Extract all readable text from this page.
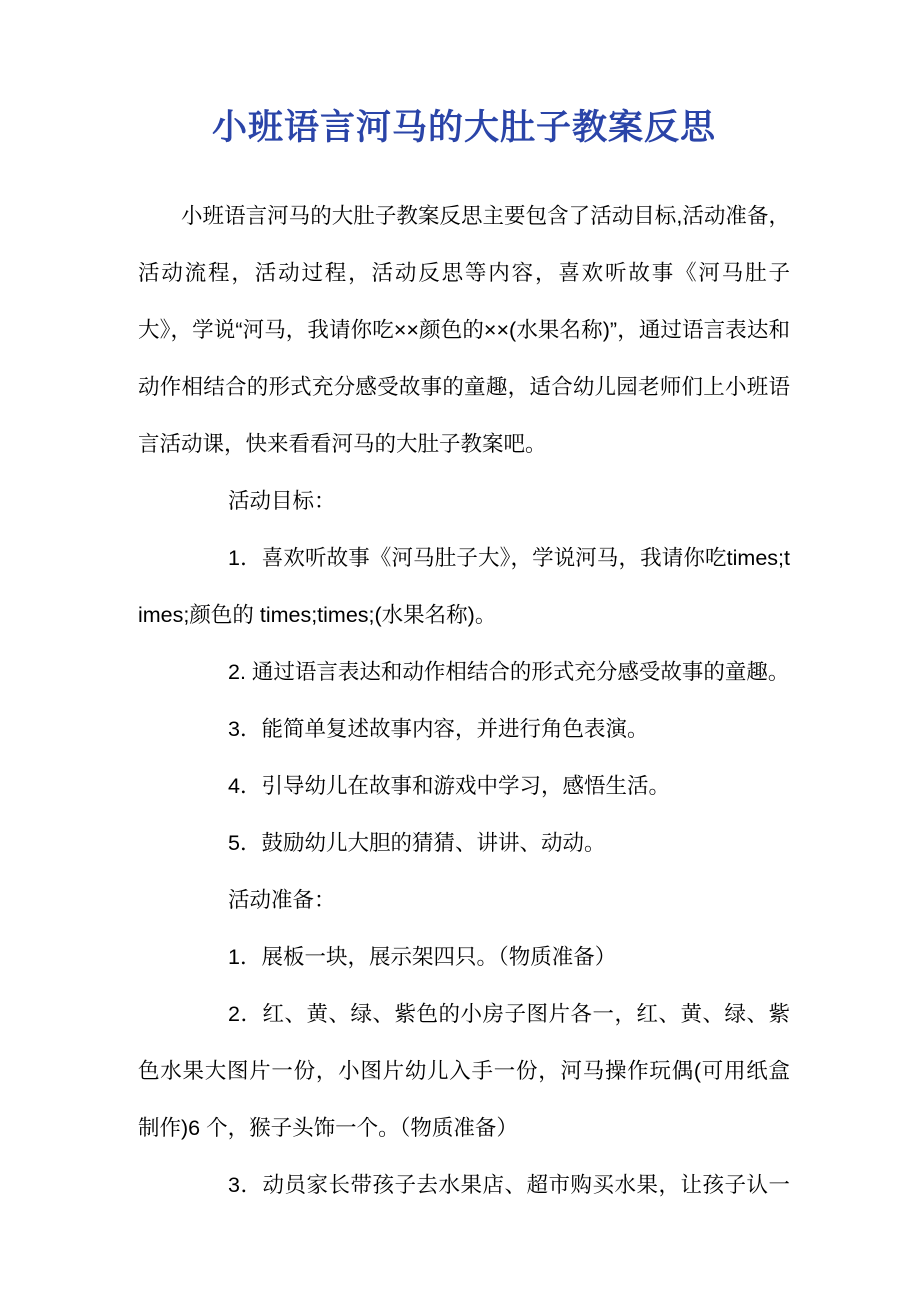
小班语言河马的大肚子教案反思

小班语言河马的大肚子教案反思主要包含了活动目标,活动准备，活动流程，活动过程，活动反思等内容，喜欢听故事《河马肚子大》，学说“河马，我请你吃××颜色的××(水果名称)”，通过语言表达和动作相结合的形式充分感受故事的童趣，适合幼儿园老师们上小班语言活动课，快来看看河马的大肚子教案吧。

活动目标：

1．喜欢听故事《河马肚子大》，学说河马，我请你吃times;times;颜色的 times;times;(水果名称)。

2. 通过语言表达和动作相结合的形式充分感受故事的童趣。

3．能简单复述故事内容，并进行角色表演。

4．引导幼儿在故事和游戏中学习，感悟生活。

5．鼓励幼儿大胆的猜猜、讲讲、动动。

活动准备：

1．展板一块，展示架四只。（物质准备）

2．红、黄、绿、紫色的小房子图片各一，红、黄、绿、紫色水果大图片一份，小图片幼儿入手一份，河马操作玩偶(可用纸盒制作)6 个，猴子头饰一个。（物质准备）

3．动员家长带孩子去水果店、超市购买水果，让孩子认一
